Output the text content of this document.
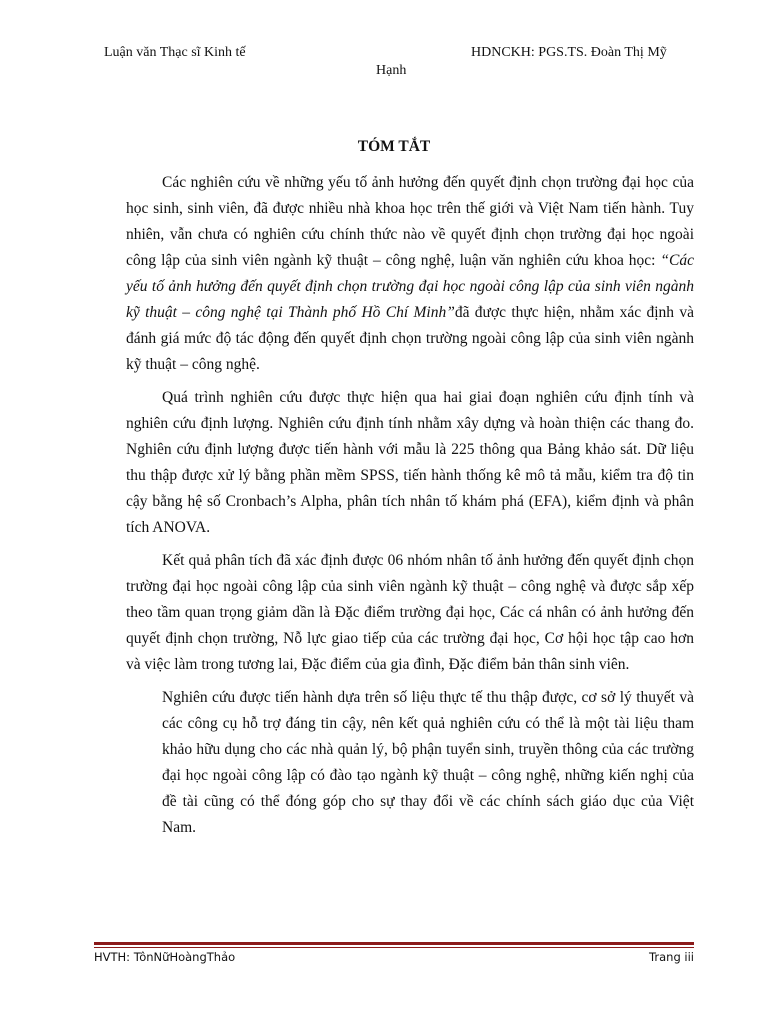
Luận văn Thạc sĩ Kinh tế	HDNCKH: PGS.TS. Đoàn Thị Mỹ
Hạnh
TÓM TẮT

Các nghiên cứu về những yếu tố ảnh hưởng đến quyết định chọn trường đại học của học sinh, sinh viên, đã được nhiều nhà khoa học trên thế giới và Việt Nam tiến hành. Tuy nhiên, vẫn chưa có nghiên cứu chính thức nào về quyết định chọn trường đại học ngoài công lập của sinh viên ngành kỹ thuật – công nghệ, luận văn nghiên cứu khoa học: “Các yếu tố ảnh hưởng đến quyết định chọn trường đại học ngoài công lập của sinh viên ngành kỹ thuật – công nghệ tại Thành phố Hồ Chí Minh”đã được thực hiện, nhằm xác định và đánh giá mức độ tác động đến quyết định chọn trường ngoài công lập của sinh viên ngành kỹ thuật – công nghệ.

Quá trình nghiên cứu được thực hiện qua hai giai đoạn nghiên cứu định tính và nghiên cứu định lượng. Nghiên cứu định tính nhằm xây dựng và hoàn thiện các thang đo. Nghiên cứu định lượng được tiến hành với mẫu là 225 thông qua Bảng khảo sát. Dữ liệu thu thập được xử lý bằng phần mềm SPSS, tiến hành thống kê mô tả mẫu, kiểm tra độ tin cậy bằng hệ số Cronbach’s Alpha, phân tích nhân tố khám phá (EFA), kiểm định và phân tích ANOVA.

Kết quả phân tích đã xác định được 06 nhóm nhân tố ảnh hưởng đến quyết định chọn trường đại học ngoài công lập của sinh viên ngành kỹ thuật – công nghệ và được sắp xếp theo tầm quan trọng giảm dần là Đặc điểm trường đại học, Các cá nhân có ảnh hưởng đến quyết định chọn trường, Nỗ lực giao tiếp của các trường đại học, Cơ hội học tập cao hơn và việc làm trong tương lai, Đặc điểm của gia đình, Đặc điểm bản thân sinh viên.

Nghiên cứu được tiến hành dựa trên số liệu thực tế thu thập được, cơ sở lý thuyết và các công cụ hỗ trợ đáng tin cậy, nên kết quả nghiên cứu có thể là một tài liệu tham khảo hữu dụng cho các nhà quản lý, bộ phận tuyển sinh, truyền thông của các trường đại học ngoài công lập có đào tạo ngành kỹ thuật – công nghệ, những kiến nghị của đề tài cũng có thể đóng góp cho sự thay đổi về các chính sách giáo dục của Việt Nam.

HVTH: TônNữHoàngThảo	Trang iii
